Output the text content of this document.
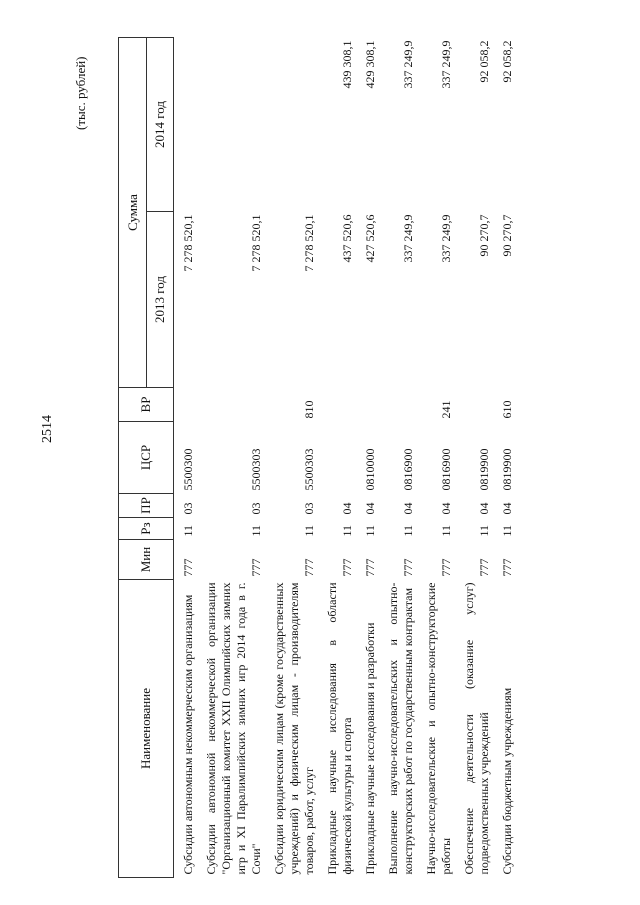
2514
(тыс. рублей)
Наименование	Мин	Рз	ПР	ЦСР	ВР	Сумма	
						2013 год	2014 год

Субсидии автономным некоммерческим организациям	777	11	03	5500300		7 278 520,1	

Субсидии автономной некоммерческой организации "Организационный комитет XXII Олимпийских зимних игр и XI Паралимпийских зимних игр 2014 года в г. Сочи"	777	11	03	5500303		7 278 520,1	

Субсидии юридическим лицам (кроме государственных учреждений) и физическим лицам - производителям товаров, работ, услуг	777	11	03	5500303	810	7 278 520,1	

Прикладные научные исследования в области физической культуры и спорта	777	11	04			437 520,6	439 308,1

Прикладные научные исследования и разработки	777	11	04	0810000		427 520,6	429 308,1

Выполнение научно-исследовательских и опытно-конструкторских работ по государственным контрактам	777	11	04	0816900		337 249,9	337 249,9

Научно-исследовательские и опытно-конструкторские работы	777	11	04	0816900	241	337 249,9	337 249,9

Обеспечение деятельности (оказание услуг) подведомственных учреждений	777	11	04	0819900		90 270,7	92 058,2

Субсидии бюджетным учреждениям	777	11	04	0819900	610	90 270,7	92 058,2
